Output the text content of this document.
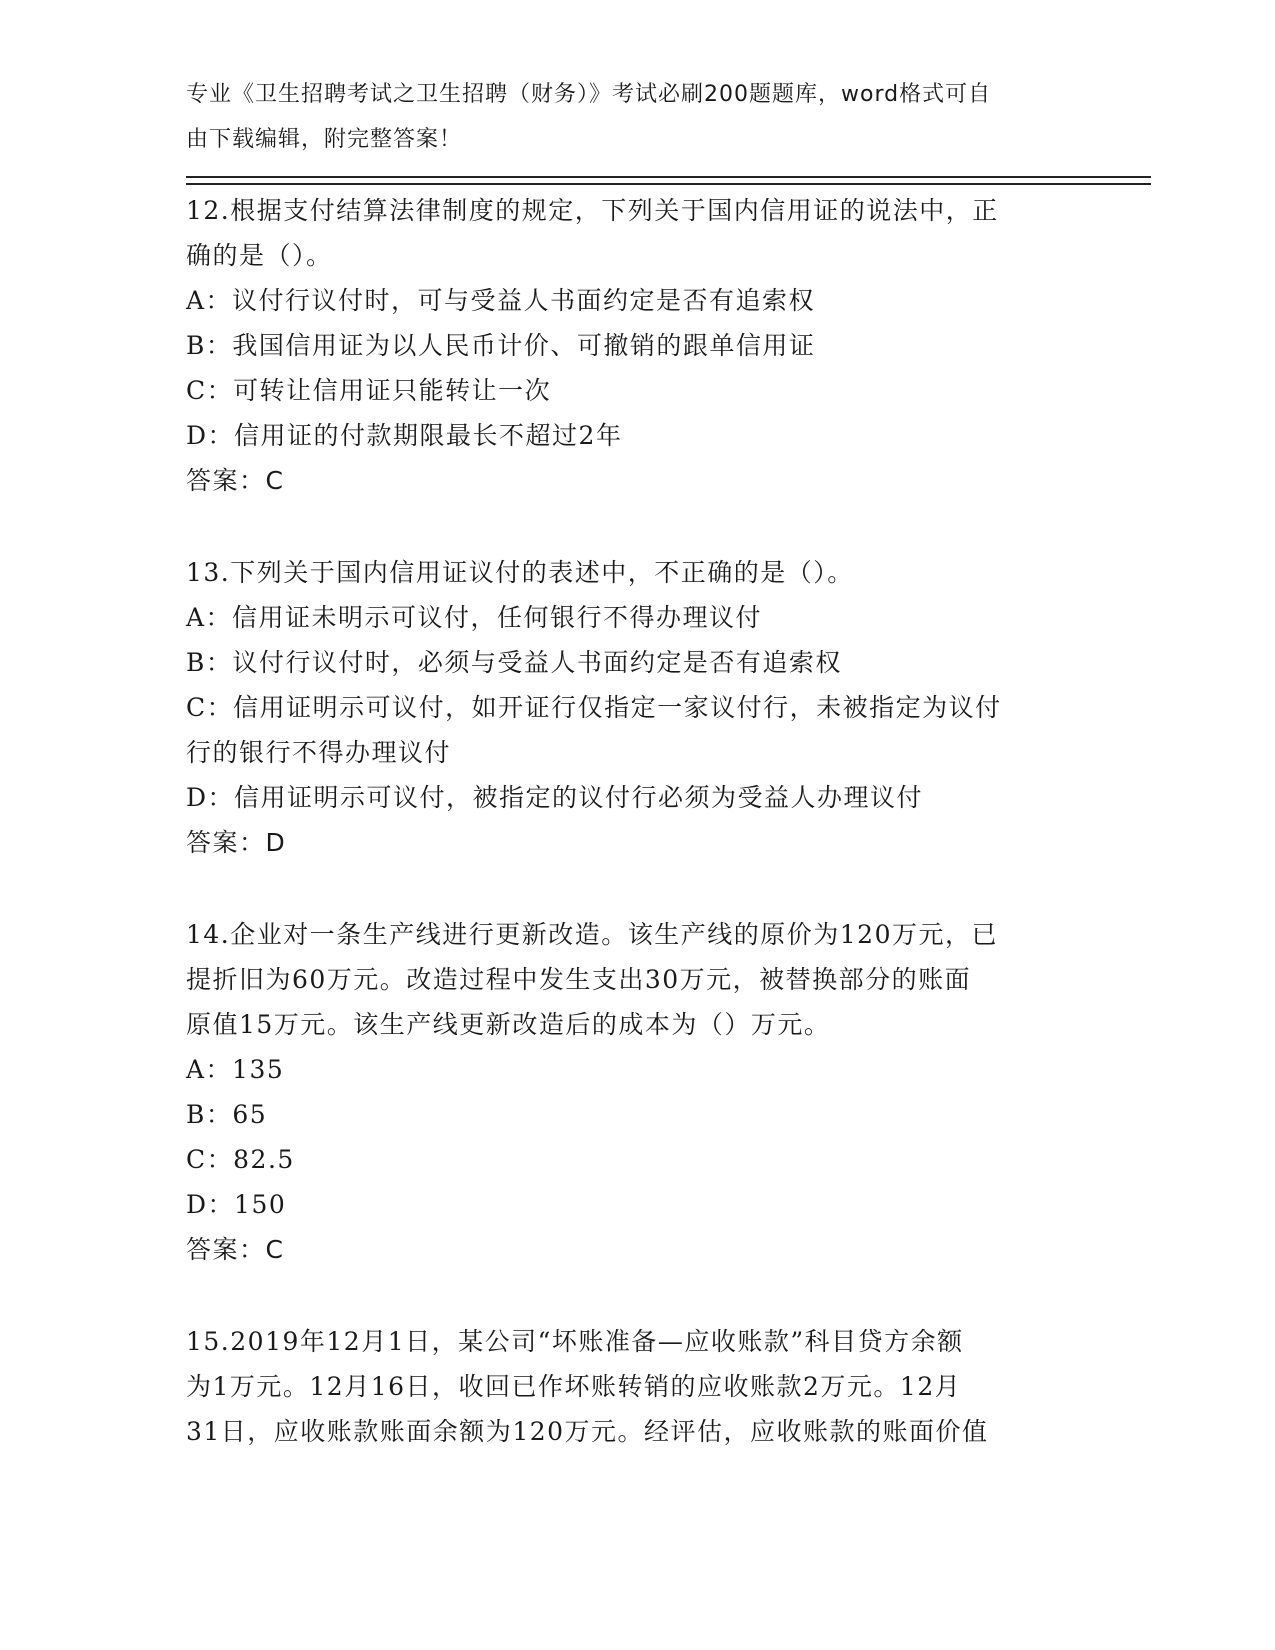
专业《卫生招聘考试之卫生招聘（财务）》考试必刷200题题库，word格式可自
由下载编辑，附完整答案！
12.根据支付结算法律制度的规定，下列关于国内信用证的说法中，正
确的是（）。
A：议付行议付时，可与受益人书面约定是否有追索权
B：我国信用证为以人民币计价、可撤销的跟单信用证
C：可转让信用证只能转让一次
D：信用证的付款期限最长不超过2年
答案：C
13.下列关于国内信用证议付的表述中，不正确的是（）。
A：信用证未明示可议付，任何银行不得办理议付
B：议付行议付时，必须与受益人书面约定是否有追索权
C：信用证明示可议付，如开证行仅指定一家议付行，未被指定为议付
行的银行不得办理议付
D：信用证明示可议付，被指定的议付行必须为受益人办理议付
答案：D
14.企业对一条生产线进行更新改造。该生产线的原价为120万元，已
提折旧为60万元。改造过程中发生支出30万元，被替换部分的账面
原值15万元。该生产线更新改造后的成本为（）万元。
A：135
B：65
C：82.5
D：150
答案：C
15.2019年12月1日，某公司“坏账准备—应收账款”科目贷方余额
为1万元。12月16日，收回已作坏账转销的应收账款2万元。12月
31日，应收账款账面余额为120万元。经评估，应收账款的账面价值
